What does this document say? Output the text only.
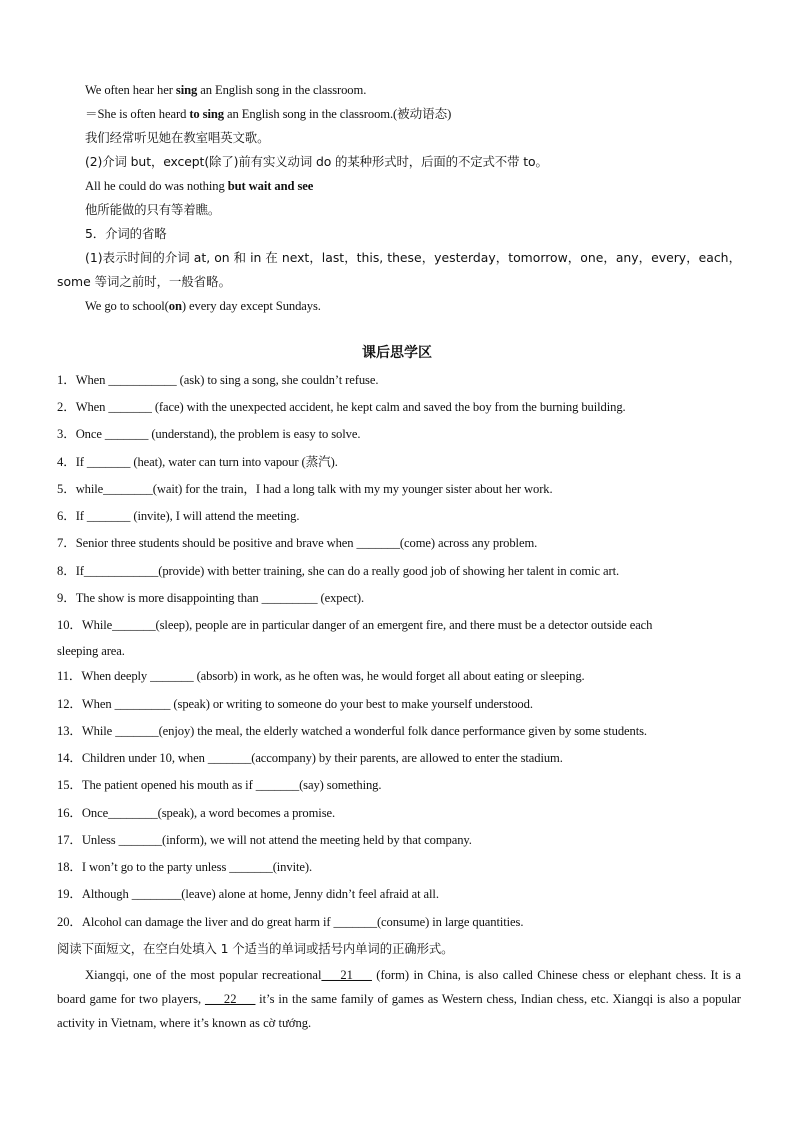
We often hear her sing an English song in the classroom.
＝She is often heard to sing an English song in the classroom.(被动语态)
我们经常听见她在教室唱英文歌。
(2)介词 but，except(除了)前有实义动词 do 的某种形式时，后面的不定式不带 to。
All he could do was nothing but wait and see
他所能做的只有等着瞧。
5．介词的省略
(1)表示时间的介词 at, on 和 in 在 next，last，this, these，yesterday，tomorrow，one，any，every，each，some 等词之前时，一般省略。
We go to school(on) every day except Sundays.
课后思学区
1．When ___________ (ask) to sing a song, she couldn’t refuse.
2．When _______ (face) with the unexpected accident, he kept calm and saved the boy from the burning building.
3．Once _______ (understand), the problem is easy to solve.
4．If _______ (heat), water can turn into vapour (蒸汽).
5．while________(wait) for the train，I had a long talk with my my younger sister about her work.
6．If _______ (invite), I will attend the meeting.
7．Senior three students should be positive and brave when _______(come) across any problem.
8．If____________(provide) with better training, she can do a really good job of showing her talent in comic art.
9．The show is more disappointing than _________ (expect).
10．While_______(sleep), people are in particular danger of an emergent fire, and there must be a detector outside each
sleeping area.
11．When deeply _______ (absorb) in work, as he often was, he would forget all about eating or sleeping.
12．When _________ (speak) or writing to someone do your best to make yourself understood.
13．While _______(enjoy) the meal, the elderly watched a wonderful folk dance performance given by some students.
14．Children under 10, when _______(accompany) by their parents, are allowed to enter the stadium.
15．The patient opened his mouth as if _______(say) something.
16．Once________(speak), a word becomes a promise.
17．Unless _______(inform), we will not attend the meeting held by that company.
18．I won’t go to the party unless _______(invite).
19．Although ________(leave) alone at home, Jenny didn’t feel afraid at all.
20．Alcohol can damage the liver and do great harm if _______(consume) in large quantities.
阅读下面短文，在空白处填入 1 个适当的单词或括号内单词的正确形式。
Xiangqi, one of the most popular recreational___21___ (form) in China, is also called Chinese chess or elephant chess. It is a board game for two players, ___22___ it’s in the same family of games as Western chess, Indian chess, etc. Xiangqi is also a popular activity in Vietnam, where it’s known as cờ tướng.
